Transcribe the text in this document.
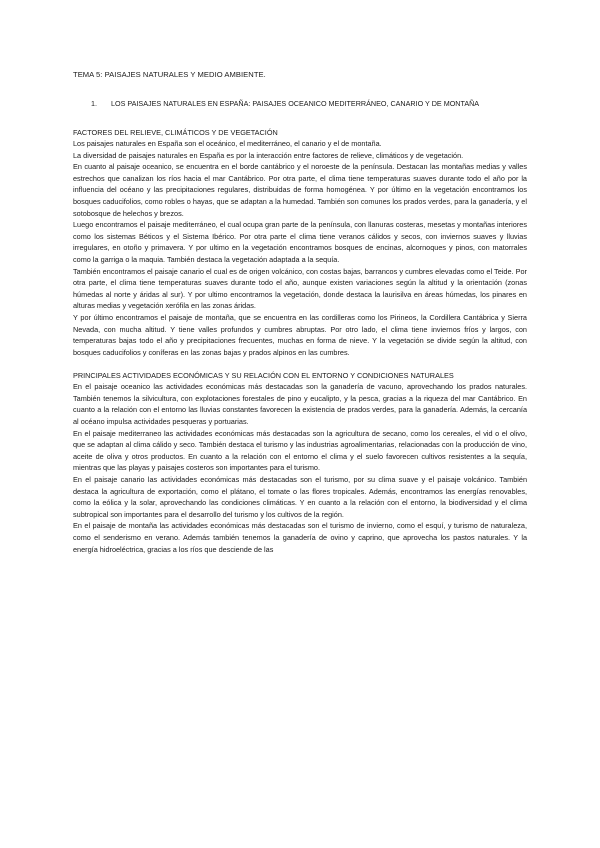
TEMA 5: PAISAJES NATURALES Y MEDIO AMBIENTE.
1.	LOS PAISAJES NATURALES EN ESPAÑA: PAISAJES OCEANICO MEDITERRÁNEO, CANARIO Y DE MONTAÑA
FACTORES DEL RELIEVE, CLIMÁTICOS Y DE VEGETACIÓN

Los paisajes naturales en España son el oceánico, el mediterráneo, el canario y el de montaña.

La diversidad de paisajes naturales en España es por la interacción entre factores de relieve, climáticos y de vegetación.

En cuanto al paisaje oceanico, se encuentra en el borde cantábrico y el noroeste de la península. Destacan las montañas medias y valles estrechos que canalizan los ríos hacia el mar Cantábrico. Por otra parte, el clima tiene temperaturas suaves durante todo el año por la influencia del océano y las precipitaciones regulares, distribuidas de forma homogénea. Y por último en la vegetación encontramos los bosques caducifolios, como robles o hayas, que se adaptan a la humedad. También son comunes los prados verdes, para la ganadería, y el sotobosque de helechos y brezos.

Luego encontramos el paisaje mediterráneo, el cual ocupa gran parte de la península, con llanuras costeras, mesetas y montañas interiores como los sistemas Béticos y el Sistema Ibérico. Por otra parte el clima tiene veranos cálidos y secos, con inviernos suaves y lluvias irregulares, en otoño y primavera. Y por ultimo en la vegetación encontramos bosques de encinas, alcornoques y pinos, con matorrales como la garriga o la maquia. También destaca la vegetación adaptada a la sequía.

También encontramos el paisaje canario el cual es de origen volcánico, con costas bajas, barrancos y cumbres elevadas como el Teide. Por otra parte, el clima tiene temperaturas suaves durante todo el año, aunque existen variaciones según la altitud y la orientación (zonas húmedas al norte y áridas al sur). Y por ultimo encontramos la vegetación, donde destaca la laurisilva en áreas húmedas, los pinares en alturas medias y vegetación xerófila en las zonas áridas.

Y por último encontramos el paisaje de montaña, que se encuentra en las cordilleras como los Pirineos, la Cordillera Cantábrica y Sierra Nevada, con mucha altitud. Y tiene valles profundos y cumbres abruptas. Por otro lado, el clima tiene inviernos fríos y largos, con temperaturas bajas todo el año y precipitaciones frecuentes, muchas en forma de nieve. Y la vegetación se divide según la altitud, con bosques caducifolios y coníferas en las zonas bajas y prados alpinos en las cumbres.

PRINCIPALES ACTIVIDADES ECONÓMICAS Y SU RELACIÓN CON EL ENTORNO Y CONDICIONES NATURALES

En el paisaje oceanico las actividades económicas más destacadas son la ganadería de vacuno, aprovechando los prados naturales. También tenemos la silvicultura, con explotaciones forestales de pino y eucalipto, y la pesca, gracias a la riqueza del mar Cantábrico. En cuanto a la relación con el entorno las lluvias constantes favorecen la existencia de prados verdes, para la ganadería. Además, la cercanía al océano impulsa actividades pesqueras y portuarias.

En el paisaje mediterraneo las actividades económicas más destacadas son la agricultura de secano, como los cereales, el vid o el olivo, que se adaptan al clima cálido y seco. También destaca el turismo y las industrias agroalimentarias, relacionadas con la producción de vino, aceite de oliva y otros productos. En cuanto a la relación con el entorno el clima y el suelo favorecen cultivos resistentes a la sequía, mientras que las playas y paisajes costeros son importantes para el turismo.

En el paisaje canario las actividades económicas más destacadas son el turismo, por su clima suave y el paisaje volcánico. También destaca la agricultura de exportación, como el plátano, el tomate o las flores tropicales. Además, encontramos las energías renovables, como la eólica y la solar, aprovechando las condiciones climáticas. Y en cuanto a la relación con el entorno, la biodiversidad y el clima subtropical son importantes para el desarrollo del turismo y los cultivos de la región.

En el paisaje de montaña las actividades económicas más destacadas son el turismo de invierno, como el esquí, y turismo de naturaleza, como el senderismo en verano. Además también tenemos la ganadería de ovino y caprino, que aprovecha los pastos naturales. Y la energía hidroeléctrica, gracias a los ríos que desciende de las
